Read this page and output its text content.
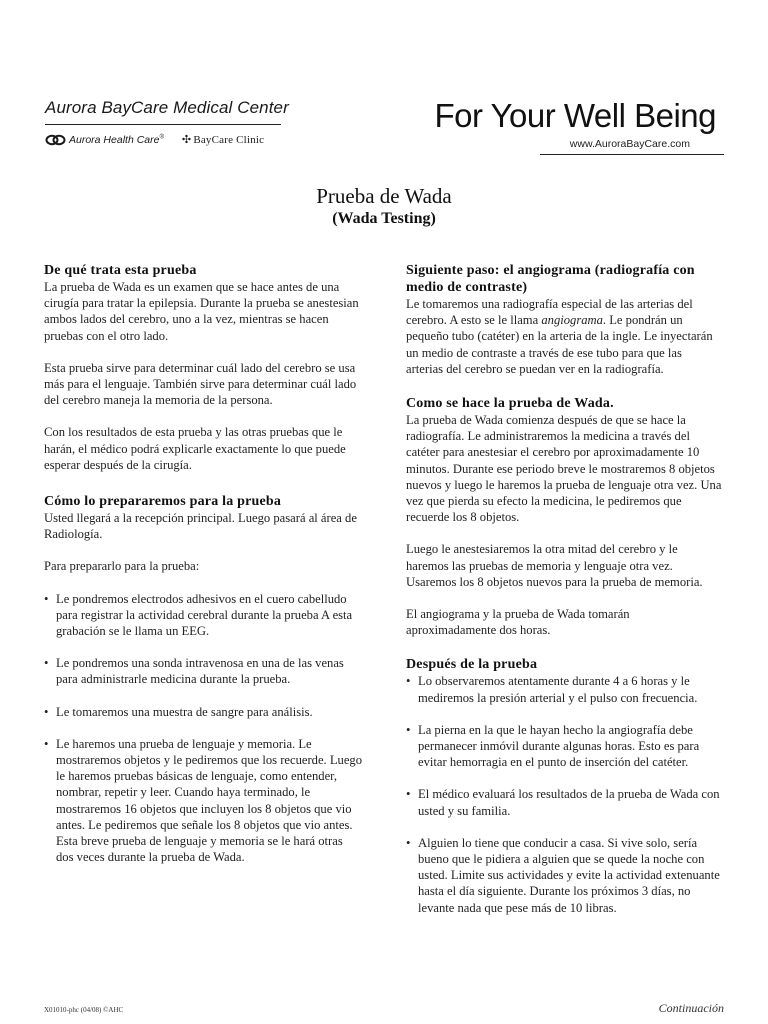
Aurora BayCare Medical Center
Aurora Health Care® ✣ BayCare Clinic
For Your Well Being
www.AuroraBayCare.com
Prueba de Wada
(Wada Testing)
De qué trata esta prueba

La prueba de Wada es un examen que se hace antes de una cirugía para tratar la epilepsia. Durante la prueba se anestesian ambos lados del cerebro, uno a la vez, mientras se hacen pruebas con el otro lado.

Esta prueba sirve para determinar cuál lado del cerebro se usa más para el lenguaje. También sirve para determinar cuál lado del cerebro maneja la memoria de la persona.

Con los resultados de esta prueba y las otras pruebas que le harán, el médico podrá explicarle exactamente lo que puede esperar después de la cirugía.

Cómo lo prepararemos para la prueba

Usted llegará a la recepción principal. Luego pasará al área de Radiología.

Para prepararlo para la prueba:

• Le pondremos electrodos adhesivos en el cuero cabelludo para registrar la actividad cerebral durante la prueba A esta grabación se le llama un EEG.
• Le pondremos una sonda intravenosa en una de las venas para administrarle medicina durante la prueba.
• Le tomaremos una muestra de sangre para análisis.
• Le haremos una prueba de lenguaje y memoria. Le mostraremos objetos y le pediremos que los recuerde. Luego le haremos pruebas básicas de lenguaje, como entender, nombrar, repetir y leer. Cuando haya terminado, le mostraremos 16 objetos que incluyen los 8 objetos que vio antes. Le pediremos que señale los 8 objetos que vio antes. Esta breve prueba de lenguaje y memoria se le hará otras dos veces durante la prueba de Wada.
Siguiente paso: el angiograma (radiografía con medio de contraste)

Le tomaremos una radiografía especial de las arterias del cerebro. A esto se le llama angiograma. Le pondrán un pequeño tubo (catéter) en la arteria de la ingle. Le inyectarán un medio de contraste a través de ese tubo para que las arterias del cerebro se puedan ver en la radiografía.

Como se hace la prueba de Wada.

La prueba de Wada comienza después de que se hace la radiografía. Le administraremos la medicina a través del catéter para anestesiar el cerebro por aproximadamente 10 minutos. Durante ese periodo breve le mostraremos 8 objetos nuevos y luego le haremos la prueba de lenguaje otra vez. Una vez que pierda su efecto la medicina, le pediremos que recuerde los 8 objetos.

Luego le anestesiaremos la otra mitad del cerebro y le haremos las pruebas de memoria y lenguaje otra vez. Usaremos los 8 objetos nuevos para la prueba de memoria.

El angiograma y la prueba de Wada tomarán aproximadamente dos horas.

Después de la prueba
• Lo observaremos atentamente durante 4 a 6 horas y le mediremos la presión arterial y el pulso con frecuencia.
• La pierna en la que le hayan hecho la angiografía debe permanecer inmóvil durante algunas horas. Esto es para evitar hemorragia en el punto de inserción del catéter.
• El médico evaluará los resultados de la prueba de Wada con usted y su familia.
• Alguien lo tiene que conducir a casa. Si vive solo, sería bueno que le pidiera a alguien que se quede la noche con usted. Limite sus actividades y evite la actividad extenuante hasta el día siguiente. Durante los próximos 3 días, no levante nada que pese más de 10 libras.
X01010-phc (04/08) ©AHC	Continuación
